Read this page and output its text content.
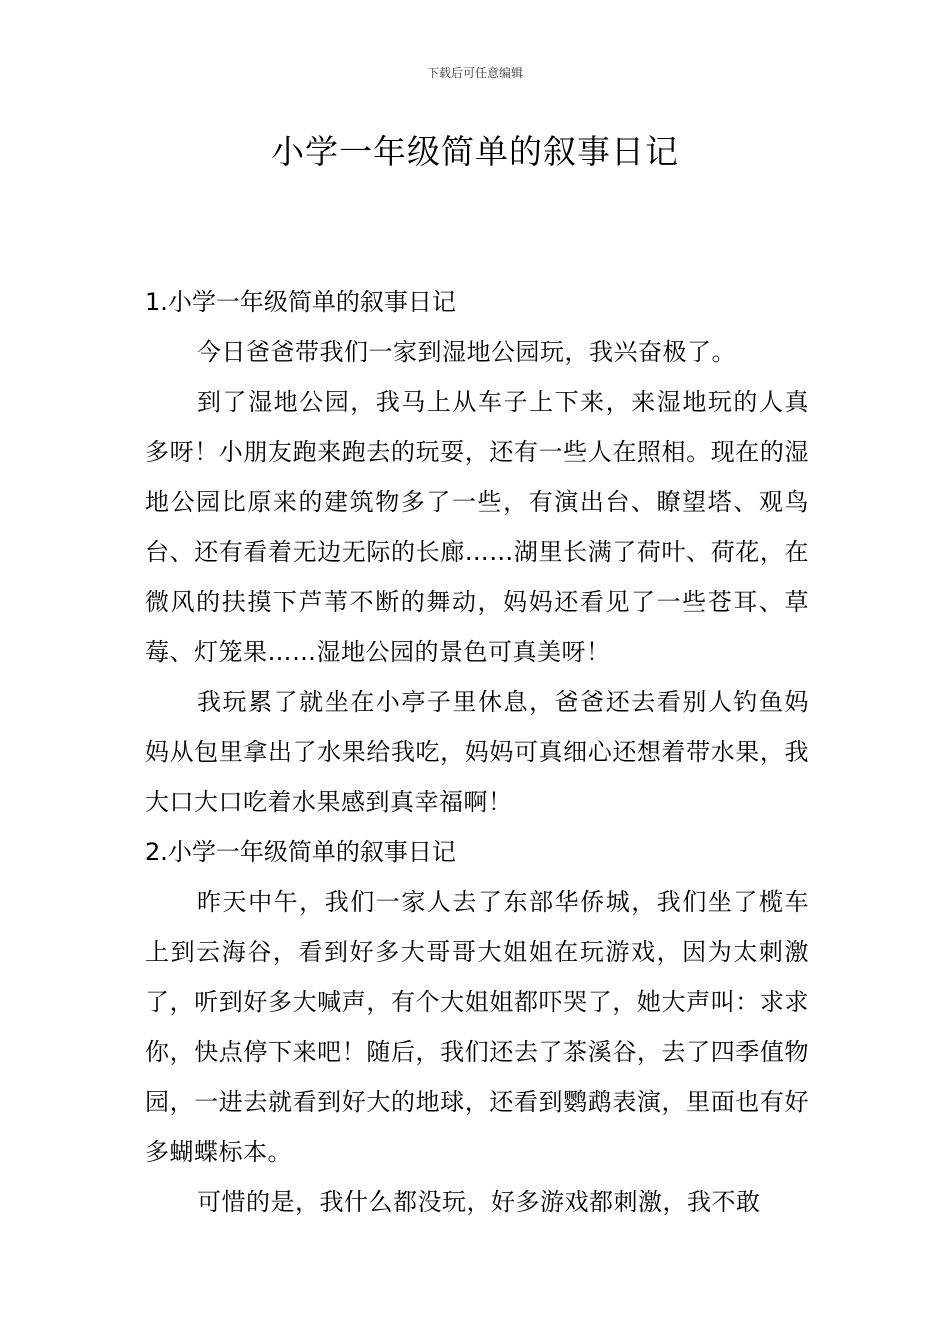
下载后可任意编辑
小学一年级简单的叙事日记

1.小学一年级简单的叙事日记

今日爸爸带我们一家到湿地公园玩，我兴奋极了。

到了湿地公园，我马上从车子上下来，来湿地玩的人真多呀！小朋友跑来跑去的玩耍，还有一些人在照相。现在的湿地公园比原来的建筑物多了一些，有演出台、瞭望塔、观鸟台、还有看着无边无际的长廊……湖里长满了荷叶、荷花，在微风的扶摸下芦苇不断的舞动，妈妈还看见了一些苍耳、草莓、灯笼果……湿地公园的景色可真美呀！

我玩累了就坐在小亭子里休息，爸爸还去看别人钓鱼妈妈从包里拿出了水果给我吃，妈妈可真细心还想着带水果，我大口大口吃着水果感到真幸福啊！

2.小学一年级简单的叙事日记

昨天中午，我们一家人去了东部华侨城，我们坐了榄车上到云海谷，看到好多大哥哥大姐姐在玩游戏，因为太刺激了，听到好多大喊声，有个大姐姐都吓哭了，她大声叫：求求你，快点停下来吧！随后，我们还去了茶溪谷，去了四季值物园，一进去就看到好大的地球，还看到鹦鹉表演，里面也有好多蝴蝶标本。

可惜的是，我什么都没玩，好多游戏都刺激，我不敢
